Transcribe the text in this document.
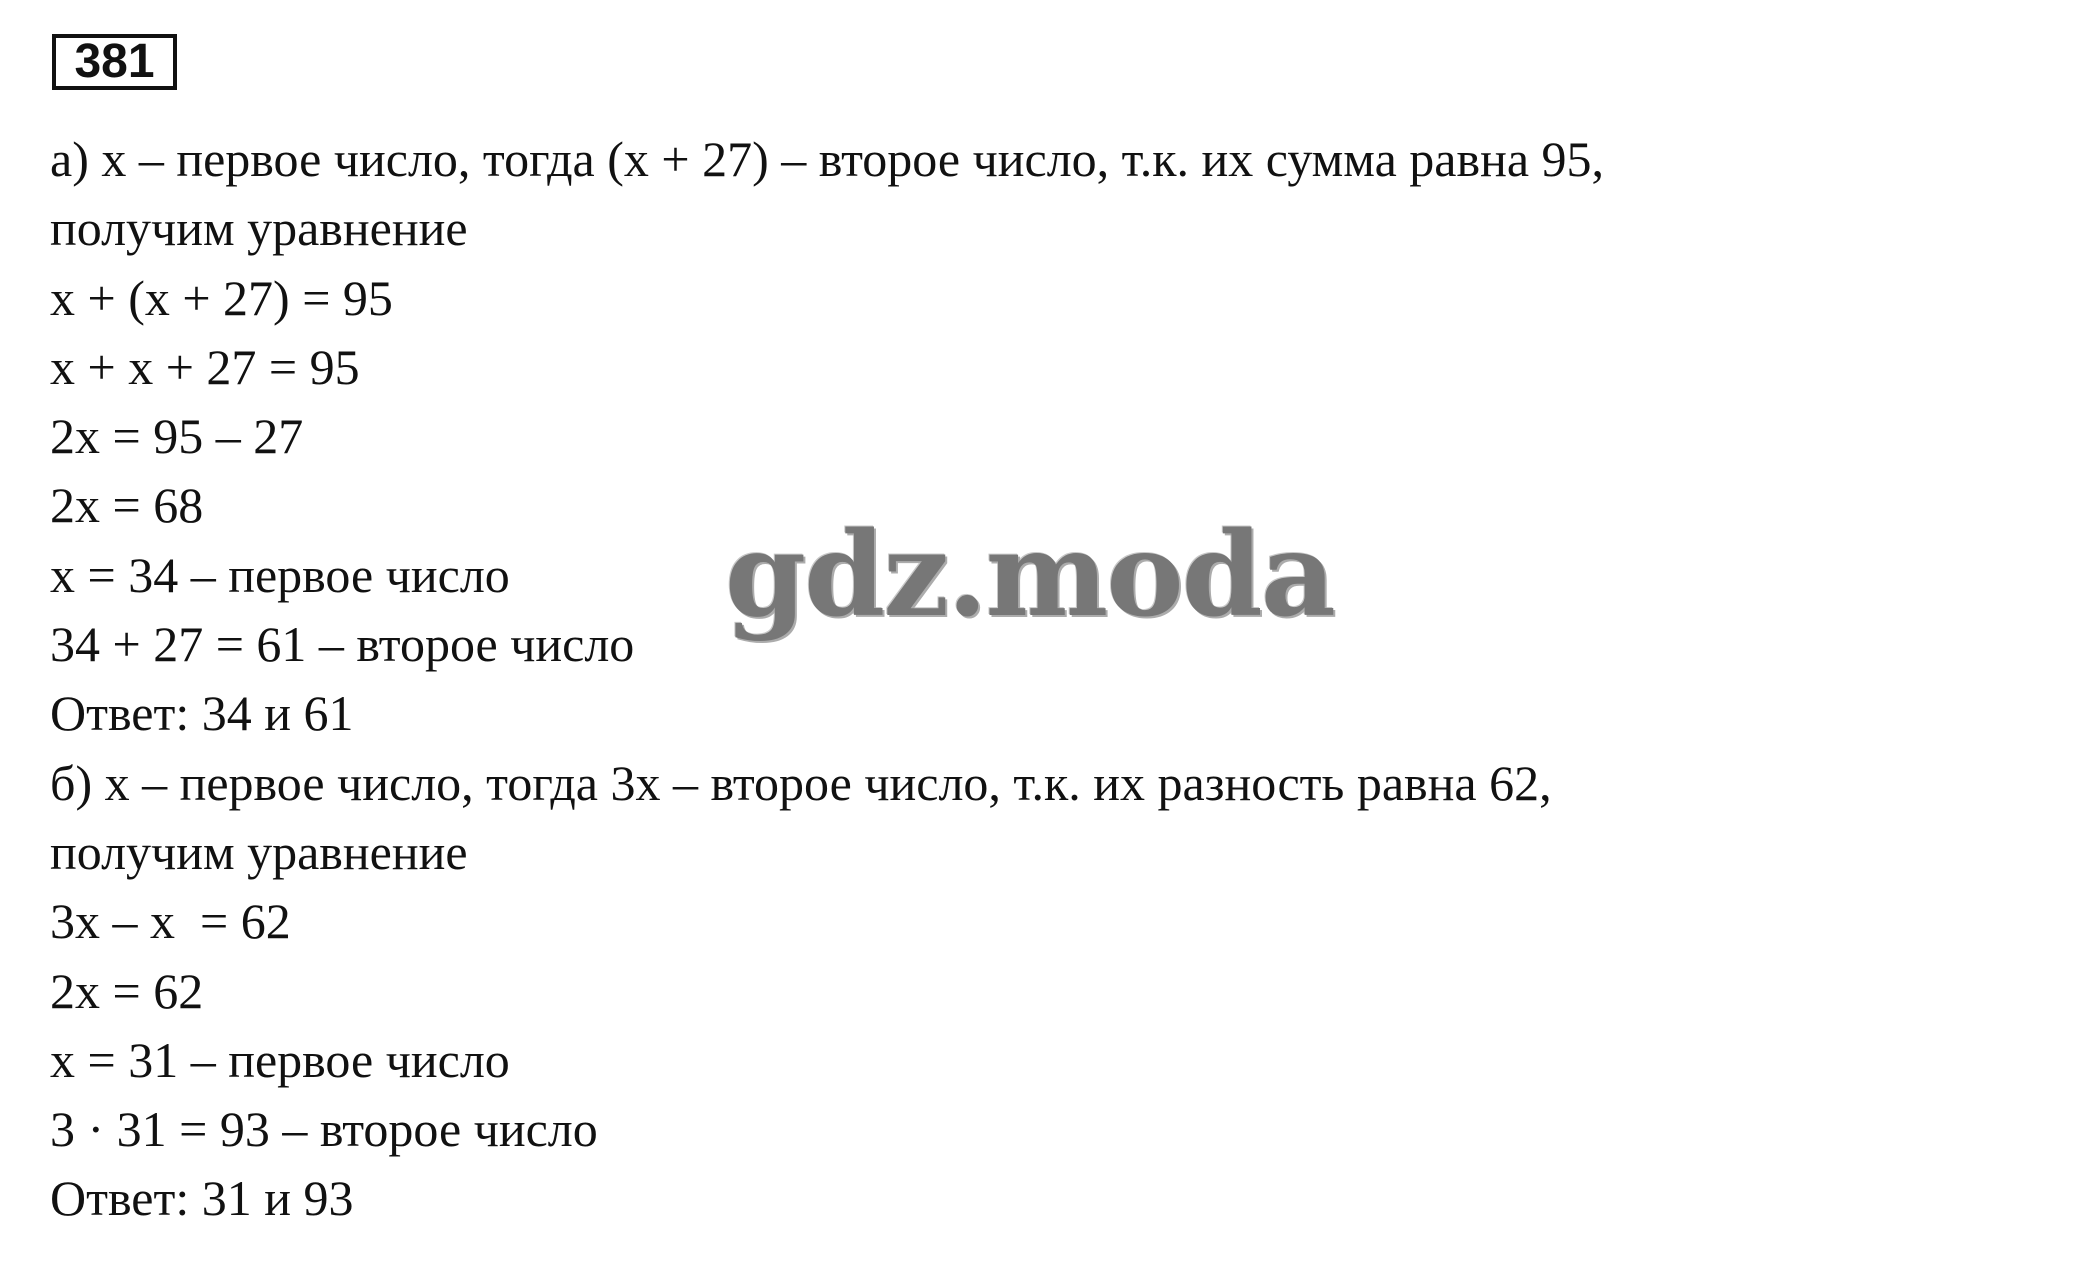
381
а) x – первое число, тогда (x + 27) – второе число, т.к. их сумма равна 95,
получим уравнение
x + (x + 27) = 95
x + x + 27 = 95
2x = 95 – 27
2x = 68
x = 34 – первое число
34 + 27 = 61 – второе число
Ответ: 34 и 61
б) x – первое число, тогда 3x – второе число, т.к. их разность равна 62,
получим уравнение
3x – x  = 62
2x = 62
x = 31 – первое число
3 · 31 = 93 – второе число
Ответ: 31 и 93
gdz.moda
